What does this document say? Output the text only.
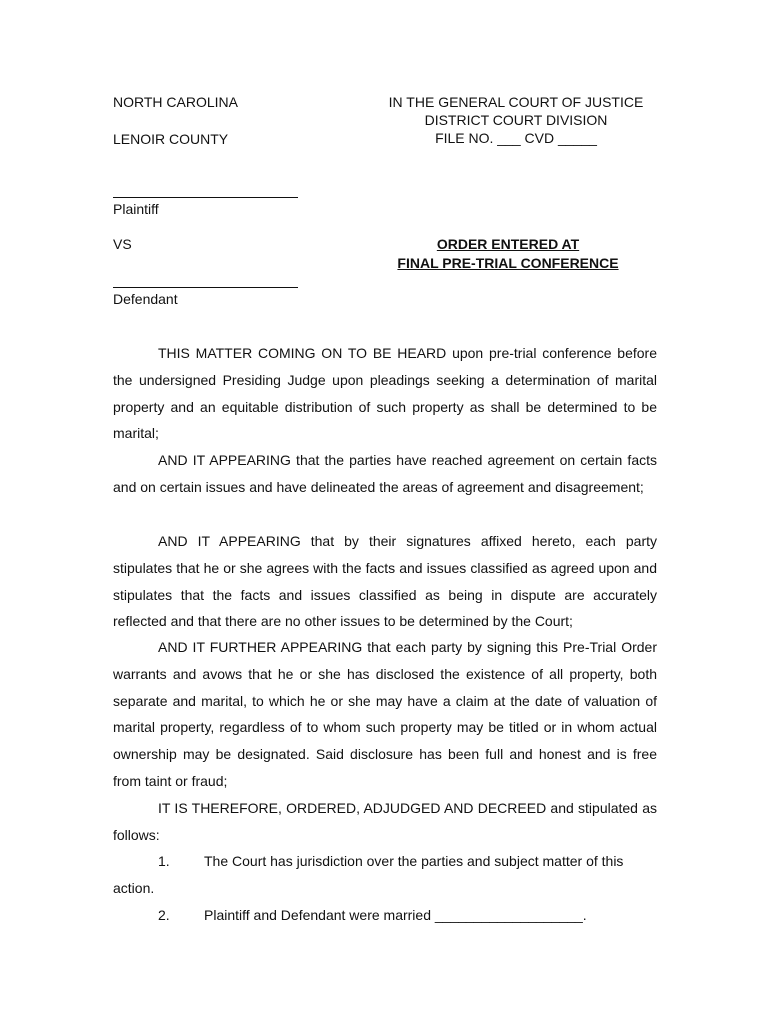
NORTH CAROLINA
LENOIR COUNTY
IN THE GENERAL COURT OF JUSTICE
DISTRICT COURT DIVISION
FILE NO. ___ CVD _____
Plaintiff
VS	ORDER ENTERED AT
FINAL PRE-TRIAL CONFERENCE
Defendant
THIS MATTER COMING ON TO BE HEARD upon pre-trial conference before the undersigned Presiding Judge upon pleadings seeking a determination of marital property and an equitable distribution of such property as shall be determined to be marital;
AND IT APPEARING that the parties have reached agreement on certain facts and on certain issues and have delineated the areas of agreement and disagreement;
AND IT APPEARING that by their signatures affixed hereto, each party stipulates that he or she agrees with the facts and issues classified as agreed upon and stipulates that the facts and issues classified as being in dispute are accurately reflected and that there are no other issues to be determined by the Court;
AND IT FURTHER APPEARING that each party by signing this Pre-Trial Order warrants and avows that he or she has disclosed the existence of all property, both separate and marital, to which he or she may have a claim at the date of valuation of marital property, regardless of to whom such property may be titled or in whom actual ownership may be designated. Said disclosure has been full and honest and is free from taint or fraud;
IT IS THEREFORE, ORDERED, ADJUDGED AND DECREED and stipulated as follows:
1. The Court has jurisdiction over the parties and subject matter of this
action.
2. Plaintiff and Defendant were married ___________________.
